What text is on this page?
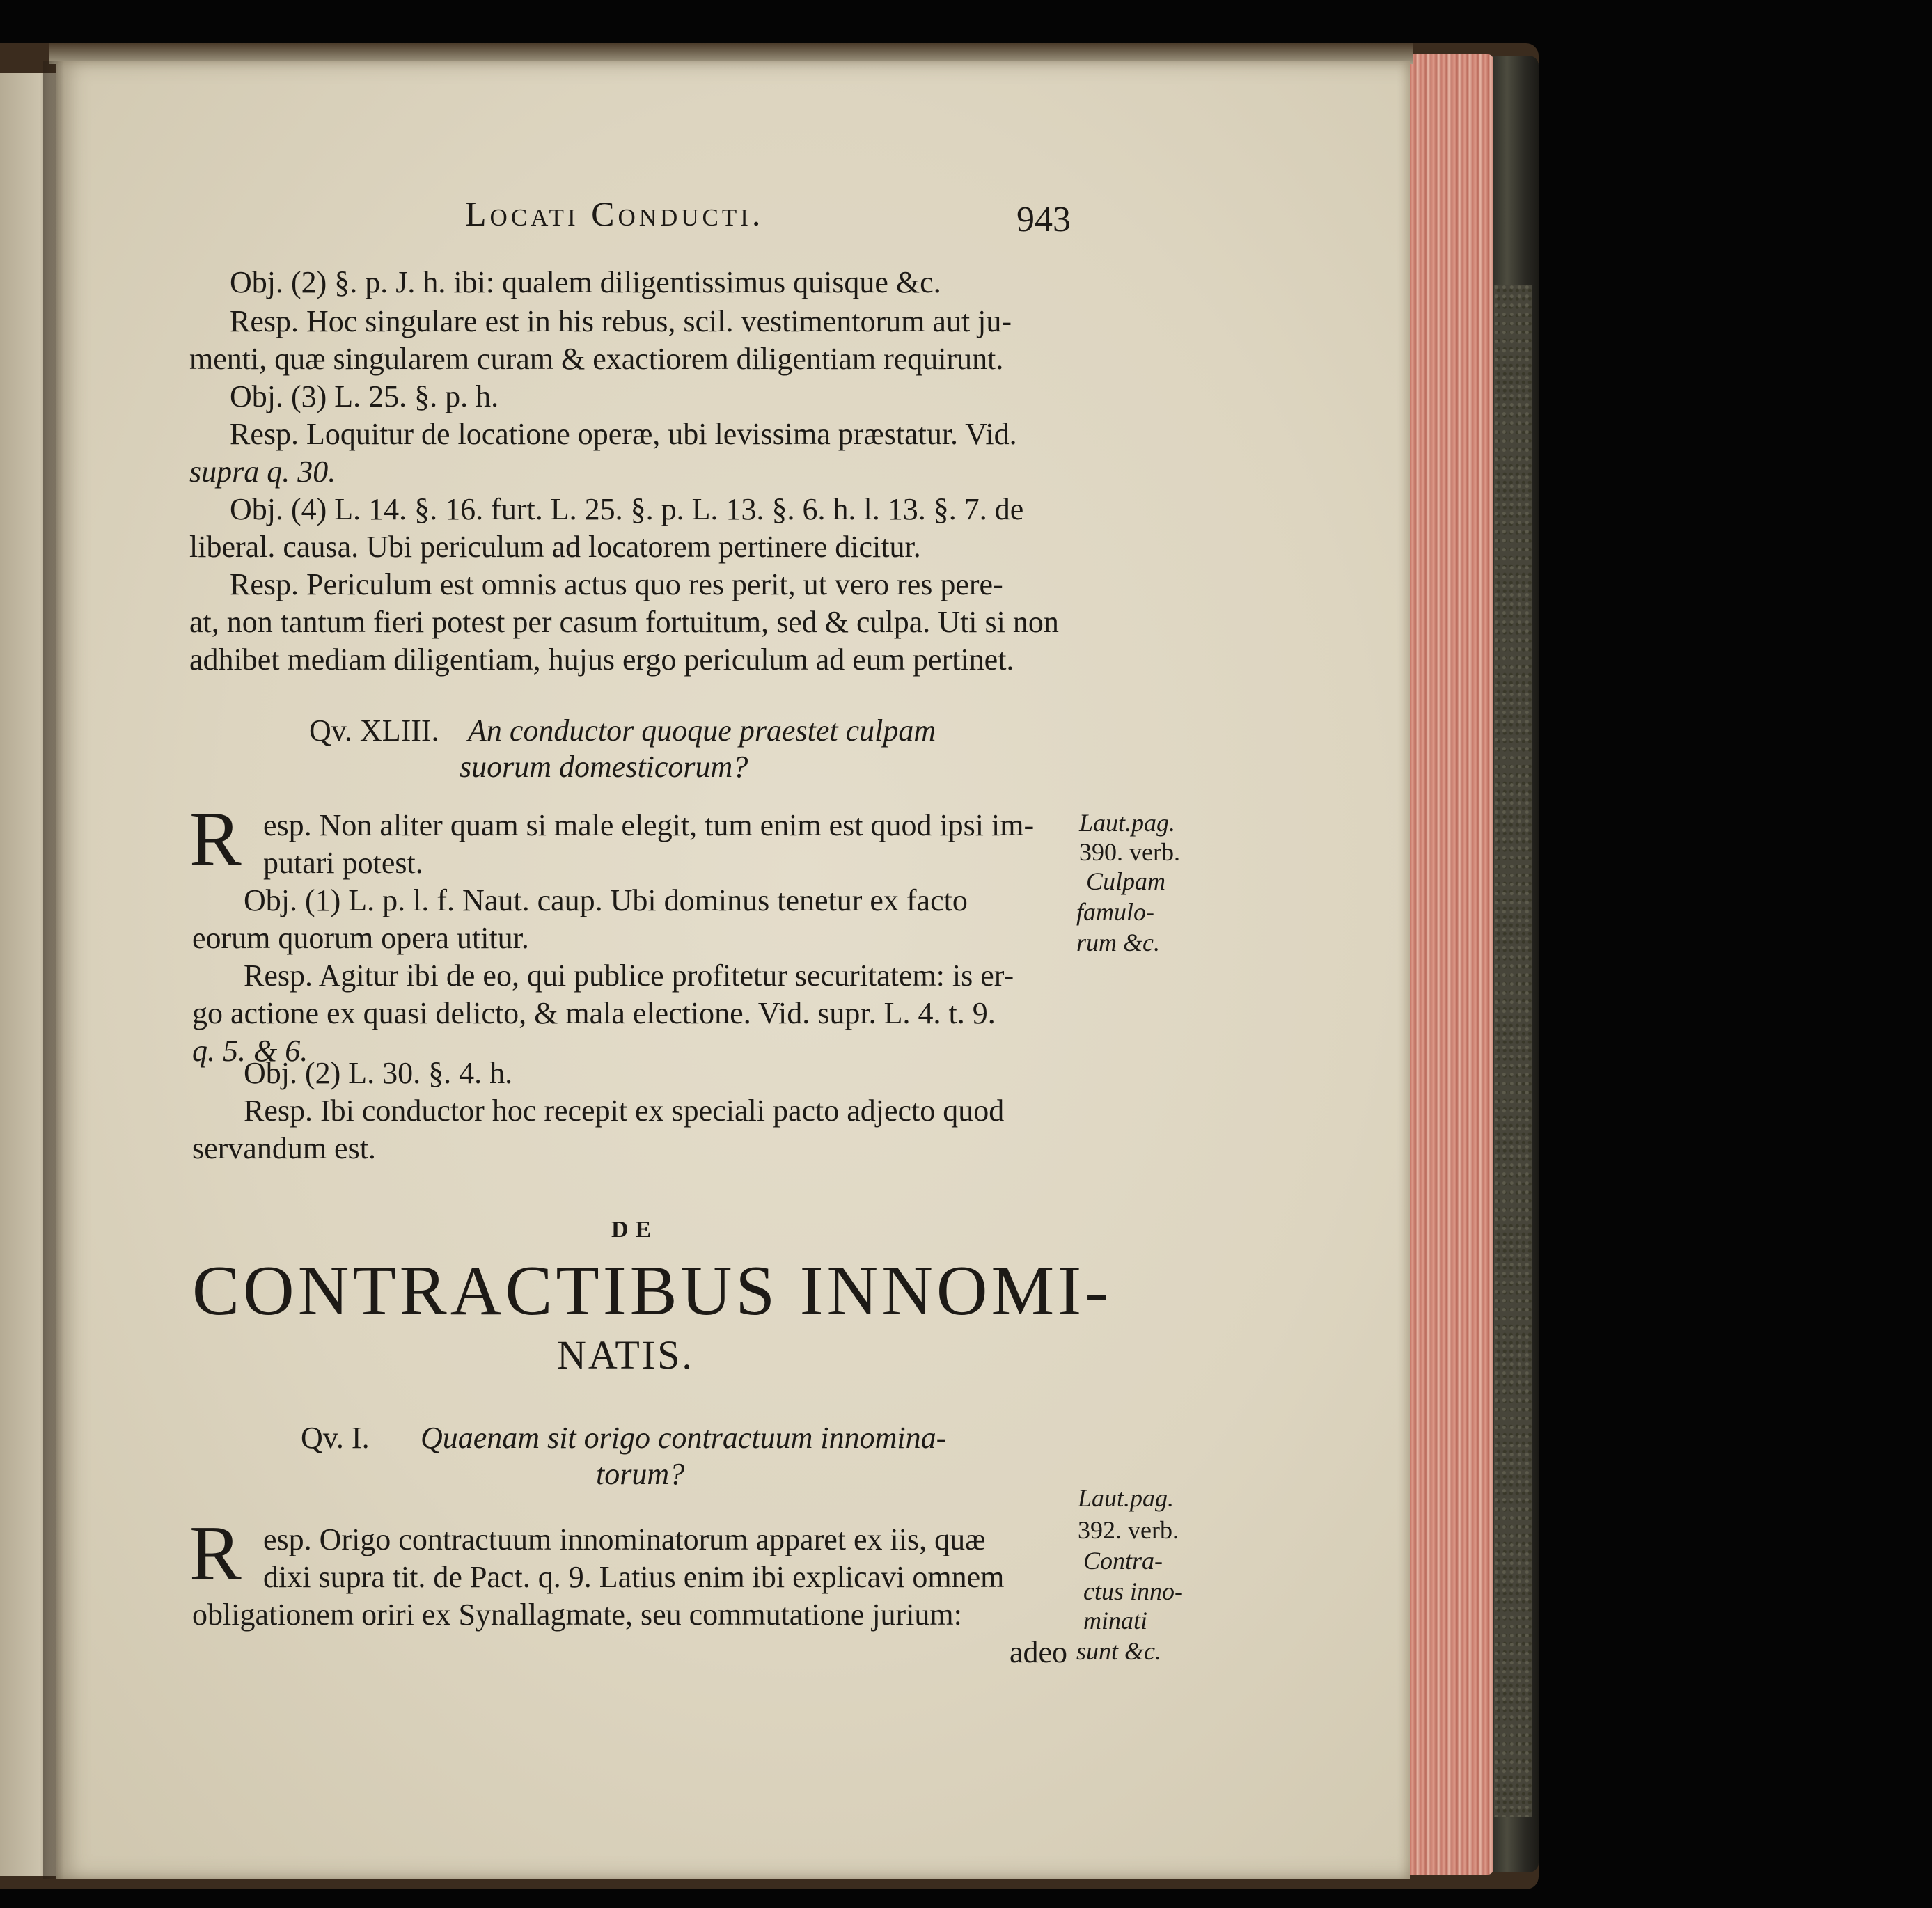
Locati Conducti.	943
Obj. (2) §. p. J. h. ibi: qualem diligentissimus quisque &c.
Resp. Hoc singulare est in his rebus, scil. vestimentorum aut ju-
menti, quæ singularem curam & exactiorem diligentiam requirunt.
Obj. (3) L. 25. §. p. h.
Resp. Loquitur de locatione operæ, ubi levissima præstatur. Vid.
supra q. 30.
Obj. (4) L. 14. §. 16. furt. L. 25. §. p. L. 13. §. 6. h. l. 13. §. 7. de
liberal. causa. Ubi periculum ad locatorem pertinere dicitur.
Resp. Periculum est omnis actus quo res perit, ut vero res pere-
at, non tantum fieri potest per casum fortuitum, sed & culpa. Uti si non
adhibet mediam diligentiam, hujus ergo periculum ad eum pertinet.
Qv. XLIII. An conductor quoque praestet culpam
suorum domesticorum?
R esp. Non aliter quam si male elegit, tum enim est quod ipsi im-
putari potest.
Obj. (1) L. p. l. f. Naut. caup. Ubi dominus tenetur ex facto
eorum quorum opera utitur.
Resp. Agitur ibi de eo, qui publice profitetur securitatem: is er-
go actione ex quasi delicto, & mala electione. Vid. supr. L. 4. t. 9.
q. 5. & 6.
Obj. (2) L. 30. §. 4. h.
Resp. Ibi conductor hoc recepit ex speciali pacto adjecto quod
servandum est.
Laut.pag.
390. verb.
Culpam
famulo-
rum &c.
DE
CONTRACTIBUS INNOMI-
NATIS.
Qv. I. Quaenam sit origo contractuum innomina-
torum?
R esp. Origo contractuum innominatorum apparet ex iis, quæ
dixi supra tit. de Pact. q. 9. Latius enim ibi explicavi omnem
obligationem oriri ex Synallagmate, seu commutatione jurium:
adeo
Laut.pag.
392. verb.
Contra-
ctus inno-
minati
sunt &c.
